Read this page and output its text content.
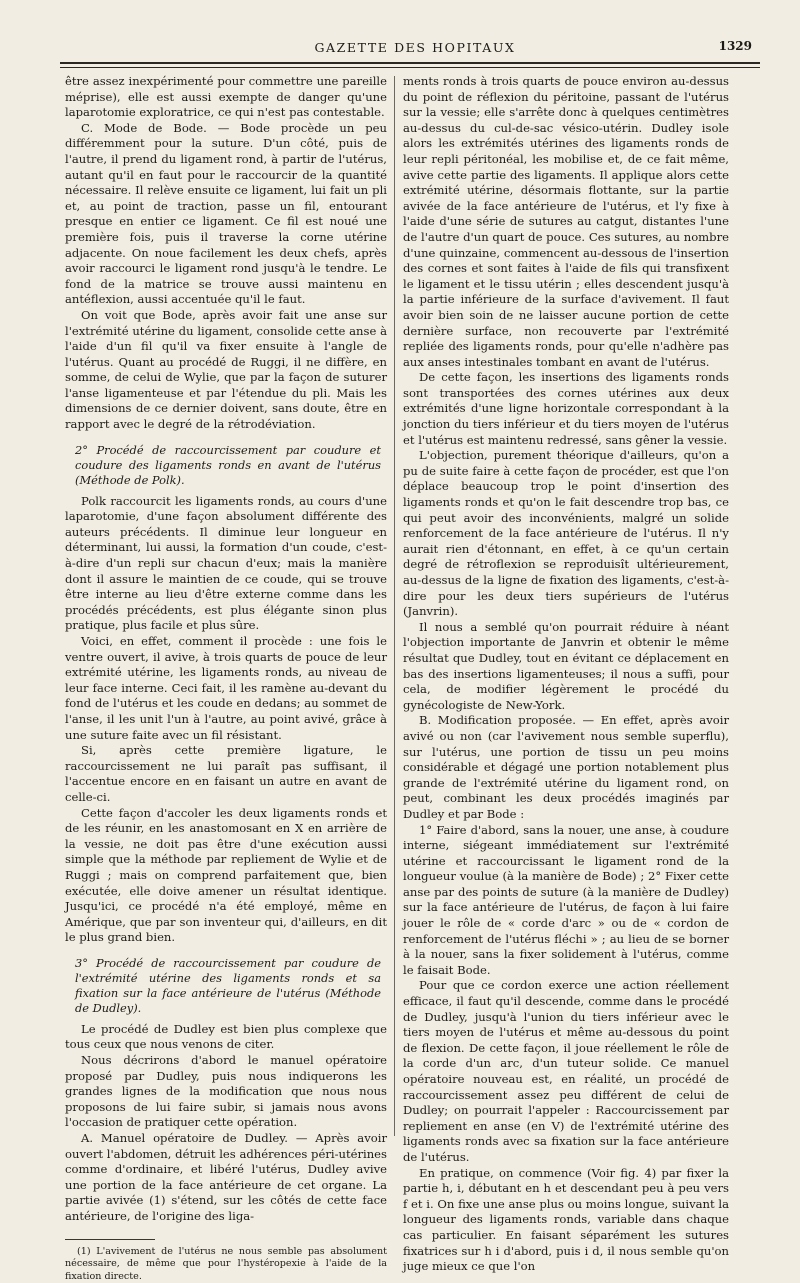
GAZETTE DES HOPITAUX	1329

être assez inexpérimenté pour commettre une pareille méprise), elle est aussi exempte de danger qu'une laparotomie exploratrice, ce qui n'est pas contestable.

C. Mode de Bode. — Bode procède un peu différemment pour la suture. D'un côté, puis de l'autre, il prend du ligament rond, à partir de l'utérus, autant qu'il en faut pour le raccourcir de la quantité nécessaire. Il relève ensuite ce ligament, lui fait un pli et, au point de traction, passe un fil, entourant presque en entier ce ligament. Ce fil est noué une première fois, puis il traverse la corne utérine adjacente. On noue facilement les deux chefs, après avoir raccourci le ligament rond jusqu'à le tendre. Le fond de la matrice se trouve aussi maintenu en antéflexion, aussi accentuée qu'il le faut.

On voit que Bode, après avoir fait une anse sur l'extrémité utérine du ligament, consolide cette anse à l'aide d'un fil qu'il va fixer ensuite à l'angle de l'utérus. Quant au procédé de Ruggi, il ne diffère, en somme, de celui de Wylie, que par la façon de suturer l'anse ligamenteuse et par l'étendue du pli. Mais les dimensions de ce dernier doivent, sans doute, être en rapport avec le degré de la rétrodéviation.

2° Procédé de raccourcissement par coudure et coudure des ligaments ronds en avant de l'utérus (Méthode de Polk).

Polk raccourcit les ligaments ronds, au cours d'une laparotomie, d'une façon absolument différente des auteurs précédents. Il diminue leur longueur en déterminant, lui aussi, la formation d'un coude, c'est-à-dire d'un repli sur chacun d'eux; mais la manière dont il assure le maintien de ce coude, qui se trouve être interne au lieu d'être externe comme dans les procédés précédents, est plus élégante sinon plus pratique, plus facile et plus sûre.

Voici, en effet, comment il procède : une fois le ventre ouvert, il avive, à trois quarts de pouce de leur extrémité utérine, les ligaments ronds, au niveau de leur face interne. Ceci fait, il les ramène au-devant du fond de l'utérus et les coude en dedans; au sommet de l'anse, il les unit l'un à l'autre, au point avivé, grâce à une suture faite avec un fil résistant.

Si, après cette première ligature, le raccourcissement ne lui paraît pas suffisant, il l'accentue encore en en faisant un autre en avant de celle-ci.

Cette façon d'accoler les deux ligaments ronds et de les réunir, en les anastomosant en X en arrière de la vessie, ne doit pas être d'une exécution aussi simple que la méthode par repliement de Wylie et de Ruggi ; mais on comprend parfaitement que, bien exécutée, elle doive amener un résultat identique. Jusqu'ici, ce procédé n'a été employé, même en Amérique, que par son inventeur qui, d'ailleurs, en dit le plus grand bien.

3° Procédé de raccourcissement par coudure de l'extrémité utérine des ligaments ronds et sa fixation sur la face antérieure de l'utérus (Méthode de Dudley).

Le procédé de Dudley est bien plus complexe que tous ceux que nous venons de citer.

Nous décrirons d'abord le manuel opératoire proposé par Dudley, puis nous indiquerons les grandes lignes de la modification que nous nous proposons de lui faire subir, si jamais nous avons l'occasion de pratiquer cette opération.

A. Manuel opératoire de Dudley. — Après avoir ouvert l'abdomen, détruit les adhérences péri-utérines comme d'ordinaire, et libéré l'utérus, Dudley avive une portion de la face antérieure de cet organe. La partie avivée (1) s'étend, sur les côtés de cette face antérieure, de l'origine des liga-

(1) L'avivement de l'utérus ne nous semble pas absolument nécessaire, de même que pour l'hystéropexie à l'aide de la fixation directe.

ments ronds à trois quarts de pouce environ au-dessus du point de réflexion du péritoine, passant de l'utérus sur la vessie; elle s'arrête donc à quelques centimètres au-dessus du cul-de-sac vésico-utérin. Dudley isole alors les extrémités utérines des ligaments ronds de leur repli péritonéal, les mobilise et, de ce fait même, avive cette partie des ligaments. Il applique alors cette extrémité utérine, désormais flottante, sur la partie avivée de la face antérieure de l'utérus, et l'y fixe à l'aide d'une série de sutures au catgut, distantes l'une de l'autre d'un quart de pouce. Ces sutures, au nombre d'une quinzaine, commencent au-dessous de l'insertion des cornes et sont faites à l'aide de fils qui transfixent le ligament et le tissu utérin ; elles descendent jusqu'à la partie inférieure de la surface d'avivement. Il faut avoir bien soin de ne laisser aucune portion de cette dernière surface, non recouverte par l'extrémité repliée des ligaments ronds, pour qu'elle n'adhère pas aux anses intestinales tombant en avant de l'utérus.

De cette façon, les insertions des ligaments ronds sont transportées des cornes utérines aux deux extrémités d'une ligne horizontale correspondant à la jonction du tiers inférieur et du tiers moyen de l'utérus et l'utérus est maintenu redressé, sans gêner la vessie.

L'objection, purement théorique d'ailleurs, qu'on a pu de suite faire à cette façon de procéder, est que l'on déplace beaucoup trop le point d'insertion des ligaments ronds et qu'on le fait descendre trop bas, ce qui peut avoir des inconvénients, malgré un solide renforcement de la face antérieure de l'utérus. Il n'y aurait rien d'étonnant, en effet, à ce qu'un certain degré de rétroflexion se reproduisît ultérieurement, au-dessus de la ligne de fixation des ligaments, c'est-à-dire pour les deux tiers supérieurs de l'utérus (Janvrin).

Il nous a semblé qu'on pourrait réduire à néant l'objection importante de Janvrin et obtenir le même résultat que Dudley, tout en évitant ce déplacement en bas des insertions ligamenteuses; il nous a suffi, pour cela, de modifier légèrement le procédé du gynécologiste de New-York.

B. Modification proposée. — En effet, après avoir avivé ou non (car l'avivement nous semble superflu), sur l'utérus, une portion de tissu un peu moins considérable et dégagé une portion notablement plus grande de l'extrémité utérine du ligament rond, on peut, combinant les deux procédés imaginés par Dudley et par Bode :

1° Faire d'abord, sans la nouer, une anse, à coudure interne, siégeant immédiatement sur l'extrémité utérine et raccourcissant le ligament rond de la longueur voulue (à la manière de Bode) ; 2° Fixer cette anse par des points de suture (à la manière de Dudley) sur la face antérieure de l'utérus, de façon à lui faire jouer le rôle de « corde d'arc » ou de « cordon de renforcement de l'utérus fléchi » ; au lieu de se borner à la nouer, sans la fixer solidement à l'utérus, comme le faisait Bode.

Pour que ce cordon exerce une action réellement efficace, il faut qu'il descende, comme dans le procédé de Dudley, jusqu'à l'union du tiers inférieur avec le tiers moyen de l'utérus et même au-dessous du point de flexion. De cette façon, il joue réellement le rôle de la corde d'un arc, d'un tuteur solide. Ce manuel opératoire nouveau est, en réalité, un procédé de raccourcissement assez peu différent de celui de Dudley; on pourrait l'appeler : Raccourcissement par repliement en anse (en V) de l'extrémité utérine des ligaments ronds avec sa fixation sur la face antérieure de l'utérus.

En pratique, on commence (Voir fig. 4) par fixer la partie h, i, débutant en h et descendant peu à peu vers f et i. On fixe une anse plus ou moins longue, suivant la longueur des ligaments ronds, variable dans chaque cas particulier. En faisant séparément les sutures fixatrices sur h i d'abord, puis i d, il nous semble qu'on juge mieux ce que l'on
